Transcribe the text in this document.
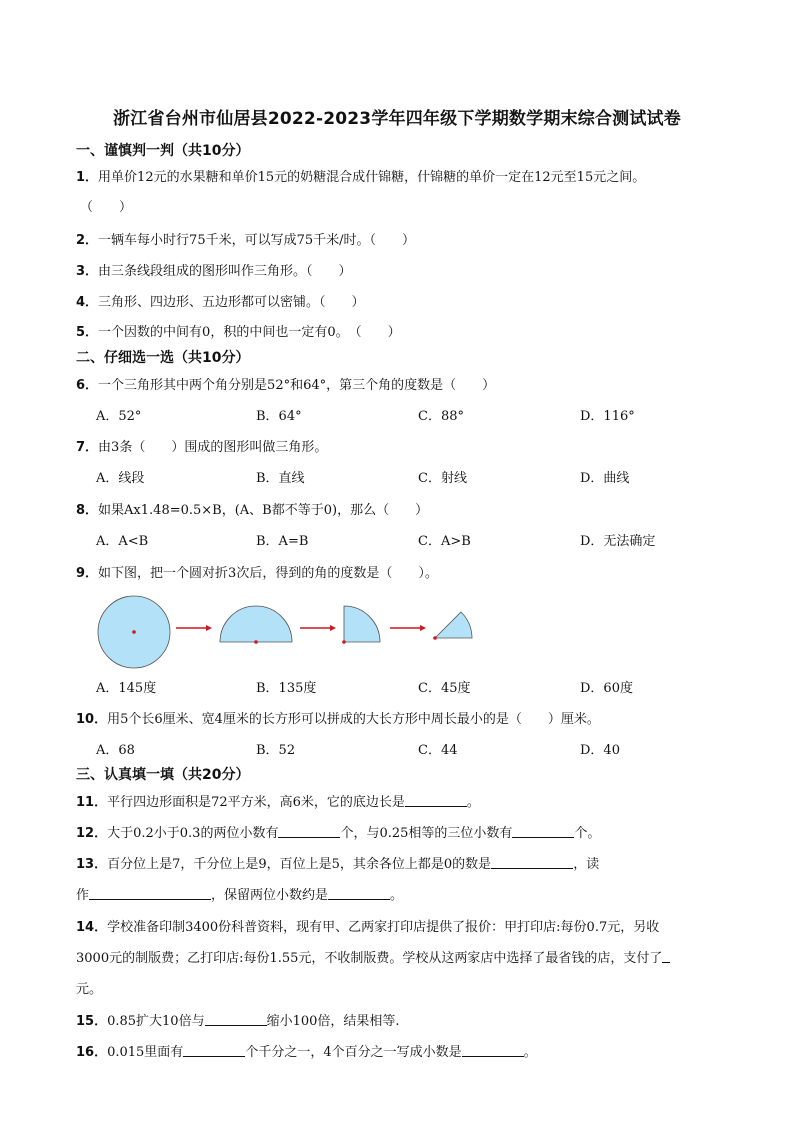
浙江省台州市仙居县2022-2023学年四年级下学期数学期末综合测试试卷
一、谨慎判一判（共10分）
1．用单价12元的水果糖和单价15元的奶糖混合成什锦糖，什锦糖的单价一定在12元至15元之间。
（　　）
2．一辆车每小时行75千米，可以写成75千米/时。（　　）
3．由三条线段组成的图形叫作三角形。（　　）
4．三角形、四边形、五边形都可以密铺。（　　）
5．一个因数的中间有0，积的中间也一定有0。　（　　）
二、仔细选一选（共10分）
6．一个三角形其中两个角分别是52°和64°，第三个角的度数是（　　）
A．52°	B．64°	C．88°	D．116°
7．由3条（　　）围成的图形叫做三角形。
A．线段	B．直线	C．射线	D．曲线
8．如果Ax1.48=0.5×B，(A、B都不等于0)，那么（　　）
A．A<B	B．A=B	C．A>B	D．无法确定
9．如下图，把一个圆对折3次后，得到的角的度数是（　　）。
A．145度	B．135度	C．45度	D．60度
10．用5个长6厘米、宽4厘米的长方形可以拼成的大长方形中周长最小的是（　　）厘米。
A．68	B．52	C．44	D．40
三、认真填一填（共20分）
11．平行四边形面积是72平方米，高6米，它的底边长是	。
12．大于0.2小于0.3的两位小数有	个，与0.25相等的三位小数有	个。
13．百分位上是7，千分位上是9，百位上是5，其余各位上都是0的数是	，读
作	，保留两位小数约是	。
14．学校准备印制3400份科普资料，现有甲、乙两家打印店提供了报价：甲打印店:每份0.7元，另收
3000元的制版费；乙打印店:每份1.55元，不收制版费。学校从这两家店中选择了最省钱的店，支付了
元。
15．0.85扩大10倍与	缩小100倍，结果相等.
16．0.015里面有	个千分之一，4个百分之一写成小数是	。
